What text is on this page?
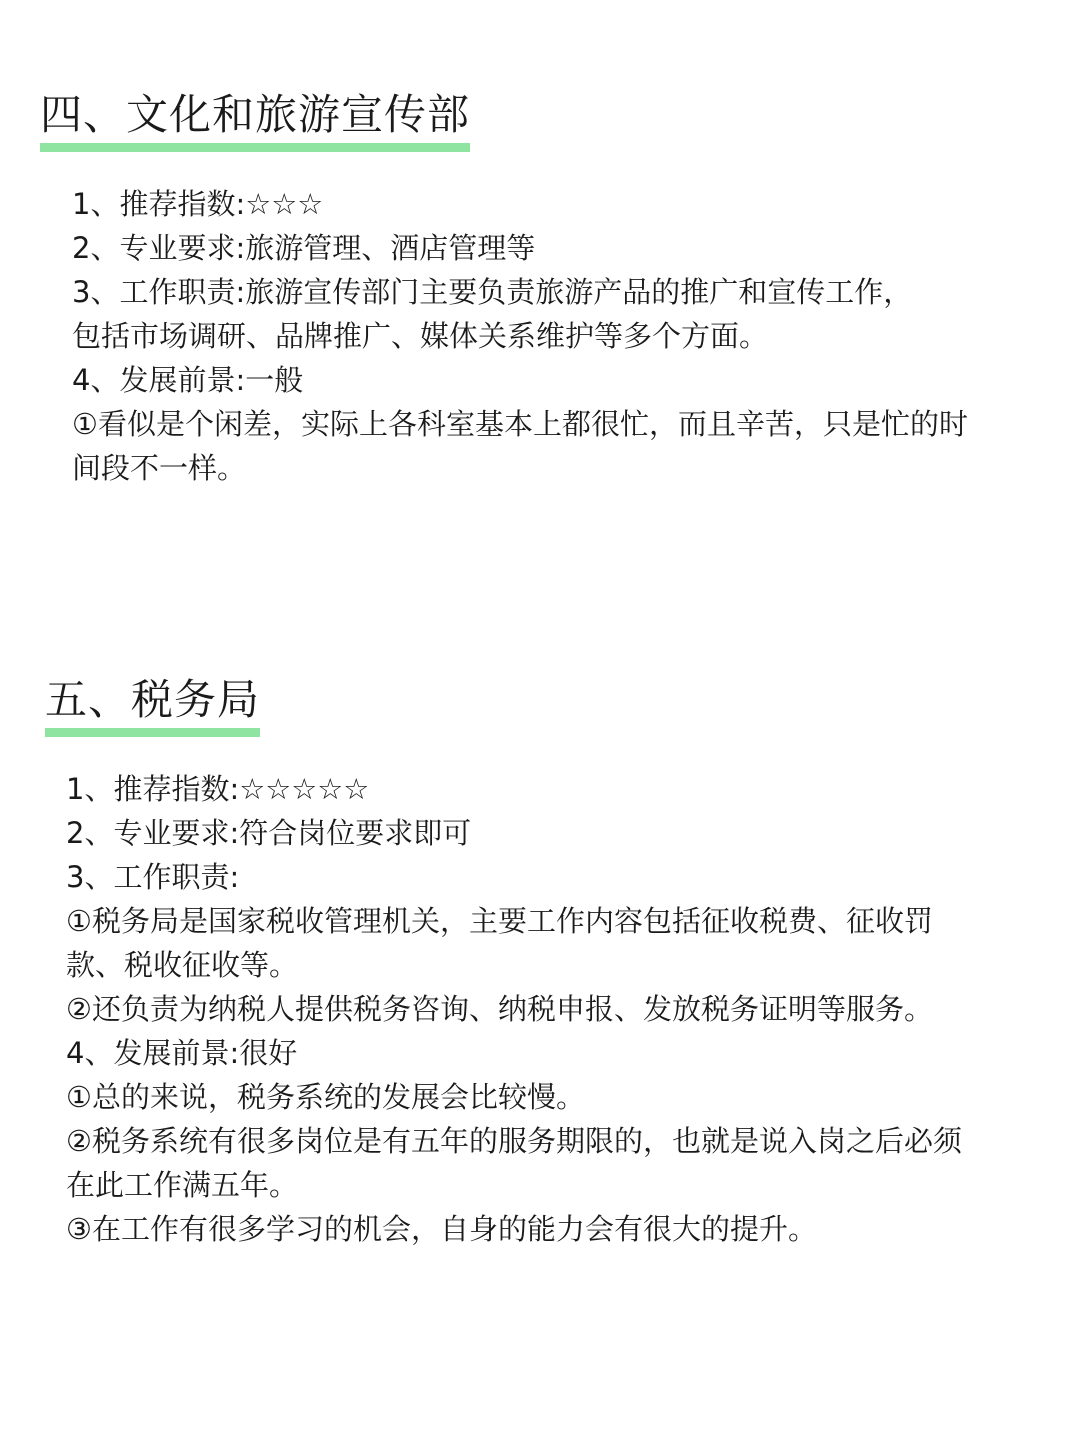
四、文化和旅游宣传部

1、推荐指数:☆☆☆

2、专业要求:旅游管理、酒店管理等

3、工作职责:旅游宣传部门主要负责旅游产品的推广和宣传工作，

包括市场调研、品牌推广、媒体关系维护等多个方面。

4、发展前景:一般

①看似是个闲差，实际上各科室基本上都很忙，而且辛苦，只是忙的时

间段不一样。

五、税务局

1、推荐指数:☆☆☆☆☆

2、专业要求:符合岗位要求即可

3、工作职责:

①税务局是国家税收管理机关，主要工作内容包括征收税费、征收罚

款、税收征收等。

②还负责为纳税人提供税务咨询、纳税申报、发放税务证明等服务。

4、发展前景:很好

①总的来说，税务系统的发展会比较慢。

②税务系统有很多岗位是有五年的服务期限的，也就是说入岗之后必须

在此工作满五年。

③在工作有很多学习的机会，自身的能力会有很大的提升。
